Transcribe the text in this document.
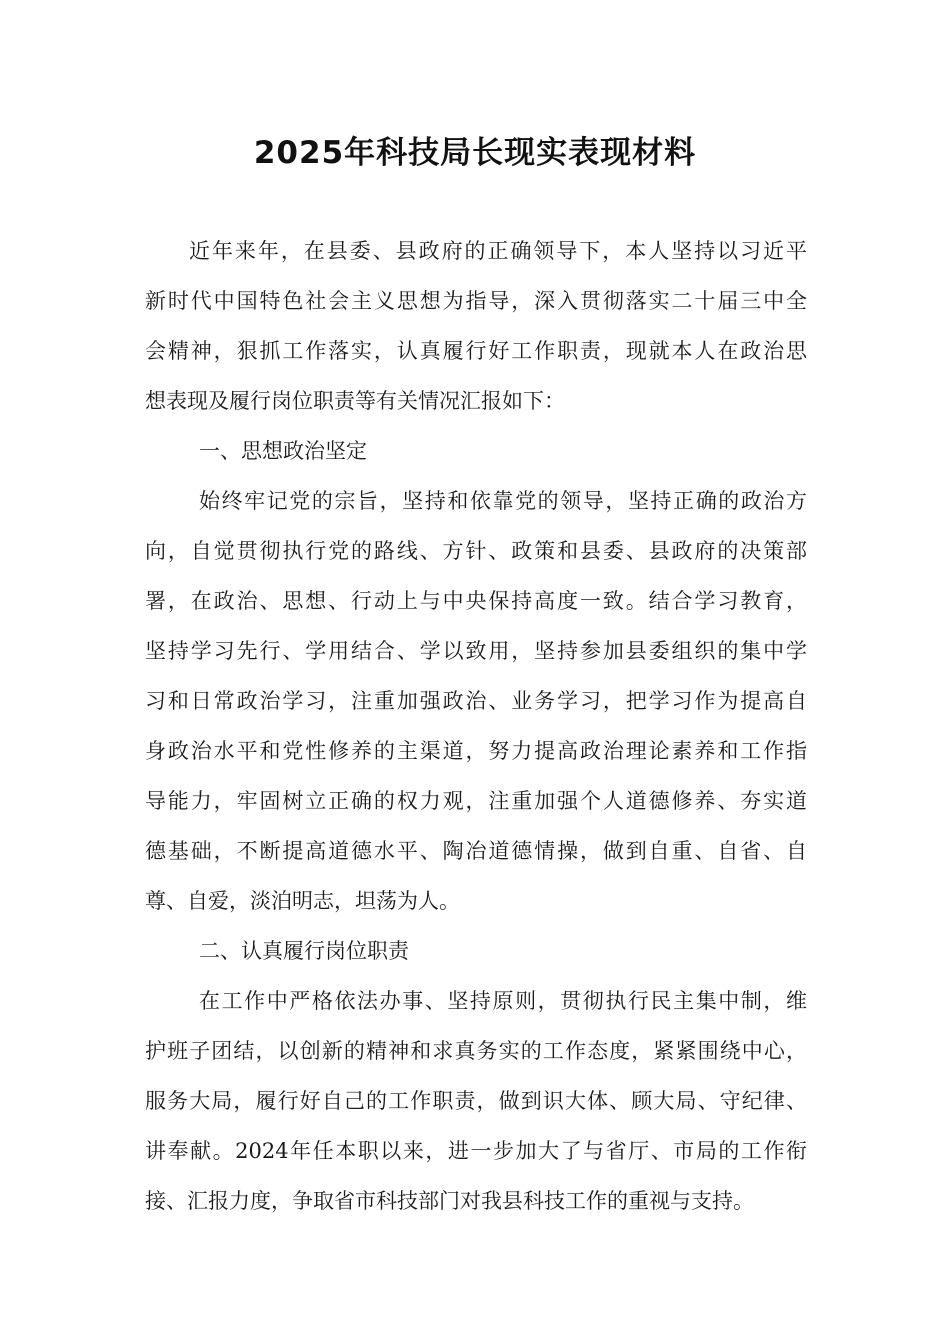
2025年科技局长现实表现材料
近年来年，在县委、县政府的正确领导下，本人坚持以习近平
新时代中国特色社会主义思想为指导，深入贯彻落实二十届三中全
会精神，狠抓工作落实，认真履行好工作职责，现就本人在政治思
想表现及履行岗位职责等有关情况汇报如下：
一、思想政治坚定
始终牢记党的宗旨，坚持和依靠党的领导，坚持正确的政治方
向，自觉贯彻执行党的路线、方针、政策和县委、县政府的决策部
署，在政治、思想、行动上与中央保持高度一致。结合学习教育，
坚持学习先行、学用结合、学以致用，坚持参加县委组织的集中学
习和日常政治学习，注重加强政治、业务学习，把学习作为提高自
身政治水平和党性修养的主渠道，努力提高政治理论素养和工作指
导能力，牢固树立正确的权力观，注重加强个人道德修养、夯实道
德基础，不断提高道德水平、陶冶道德情操，做到自重、自省、自
尊、自爱，淡泊明志，坦荡为人。
二、认真履行岗位职责
在工作中严格依法办事、坚持原则，贯彻执行民主集中制，维
护班子团结，以创新的精神和求真务实的工作态度，紧紧围绕中心，
服务大局，履行好自己的工作职责，做到识大体、顾大局、守纪律、
讲奉献。2024年任本职以来，进一步加大了与省厅、市局的工作衔
接、汇报力度，争取省市科技部门对我县科技工作的重视与支持。
